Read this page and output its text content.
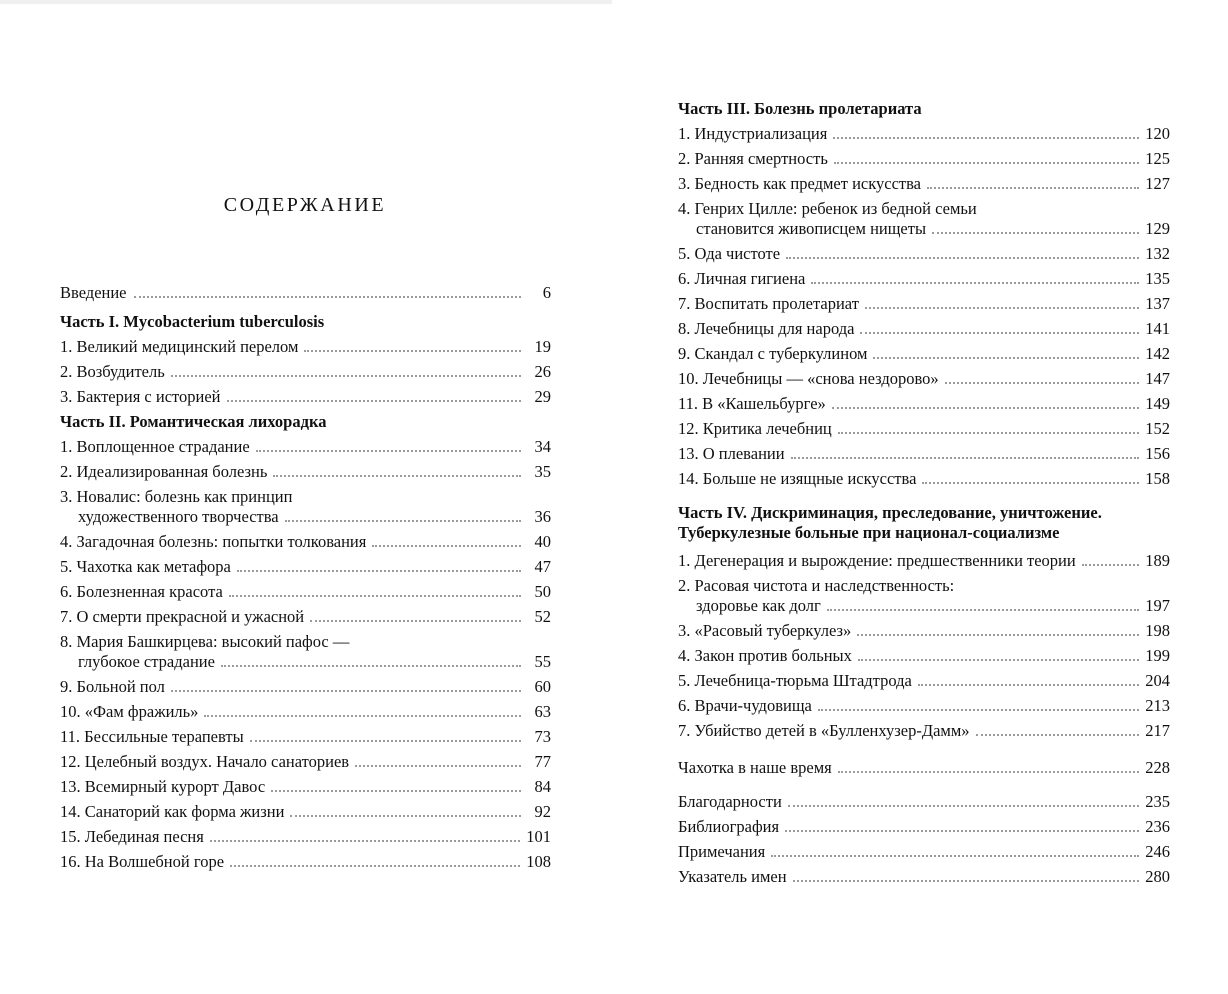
СОДЕРЖАНИЕ
Введение	6
Часть I. Mycobacterium tuberculosis
1. Великий медицинский перелом	19
2. Возбудитель	26
3. Бактерия с историей	29
Часть II. Романтическая лихорадка
1. Воплощенное страдание	34
2. Идеализированная болезнь	35
3. Новалис: болезнь как принцип
художественного творчества	36
4. Загадочная болезнь: попытки толкования	40
5. Чахотка как метафора	47
6. Болезненная красота	50
7. О смерти прекрасной и ужасной	52
8. Мария Башкирцева: высокий пафос —
глубокое страдание	55
9. Больной пол	60
10. «Фам фражиль»	63
11. Бессильные терапевты	73
12. Целебный воздух. Начало санаториев	77
13. Всемирный курорт Давос	84
14. Санаторий как форма жизни	92
15. Лебединая песня	101
16. На Волшебной горе	108
Часть III. Болезнь пролетариата
1. Индустриализация	120
2. Ранняя смертность	125
3. Бедность как предмет искусства	127
4. Генрих Цилле: ребенок из бедной семьи
становится живописцем нищеты	129
5. Ода чистоте	132
6. Личная гигиена	135
7. Воспитать пролетариат	137
8. Лечебницы для народа	141
9. Скандал с туберкулином	142
10. Лечебницы — «снова нездорово»	147
11. В «Кашельбурге»	149
12. Критика лечебниц	152
13. О плевании	156
14. Больше не изящные искусства	158
Часть IV. Дискриминация, преследование, уничтожение.
Туберкулезные больные при национал-социализме
1. Дегенерация и вырождение: предшественники теории	189
2. Расовая чистота и наследственность:
здоровье как долг	197
3. «Расовый туберкулез»	198
4. Закон против больных	199
5. Лечебница-тюрьма Штадтрода	204
6. Врачи-чудовища	213
7. Убийство детей в «Булленхузер-Дамм»	217
Чахотка в наше время	228
Благодарности	235
Библиография	236
Примечания	246
Указатель имен	280
